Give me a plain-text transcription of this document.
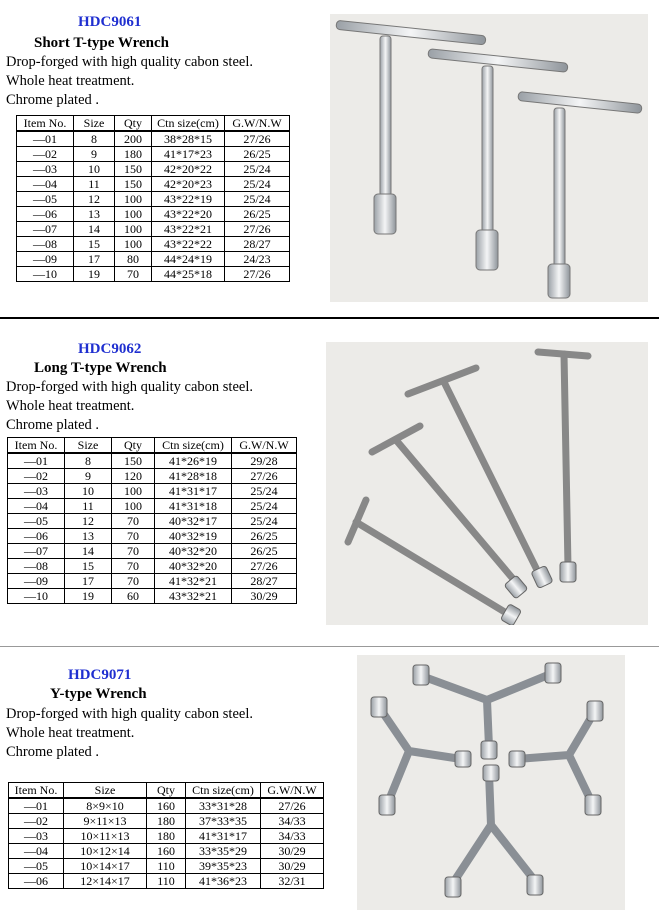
HDC9061
Short T-type Wrench
Drop-forged with high quality cabon steel.
Whole heat treatment.
Chrome plated .
Item No.	Size	Qty	Ctn size(cm)	G.W/N.W
—01	8	200	38*28*15	27/26
—02	9	180	41*17*23	26/25
—03	10	150	42*20*22	25/24
—04	11	150	42*20*23	25/24
—05	12	100	43*22*19	25/24
—06	13	100	43*22*20	26/25
—07	14	100	43*22*21	27/26
—08	15	100	43*22*22	28/27
—09	17	80	44*24*19	24/23
—10	19	70	44*25*18	27/26
HDC9062
Long T-type Wrench
Drop-forged with high quality cabon steel.
Whole heat treatment.
Chrome plated .
Item No.	Size	Qty	Ctn size(cm)	G.W/N.W
—01	8	150	41*26*19	29/28
—02	9	120	41*28*18	27/26
—03	10	100	41*31*17	25/24
—04	11	100	41*31*18	25/24
—05	12	70	40*32*17	25/24
—06	13	70	40*32*19	26/25
—07	14	70	40*32*20	26/25
—08	15	70	40*32*20	27/26
—09	17	70	41*32*21	28/27
—10	19	60	43*32*21	30/29
HDC9071
Y-type Wrench
Drop-forged with high quality cabon steel.
Whole heat treatment.
Chrome plated .
Item No.	Size	Qty	Ctn size(cm)	G.W/N.W
—01	8×9×10	160	33*31*28	27/26
—02	9×11×13	180	37*33*35	34/33
—03	10×11×13	180	41*31*17	34/33
—04	10×12×14	160	33*35*29	30/29
—05	10×14×17	110	39*35*23	30/29
—06	12×14×17	110	41*36*23	32/31
